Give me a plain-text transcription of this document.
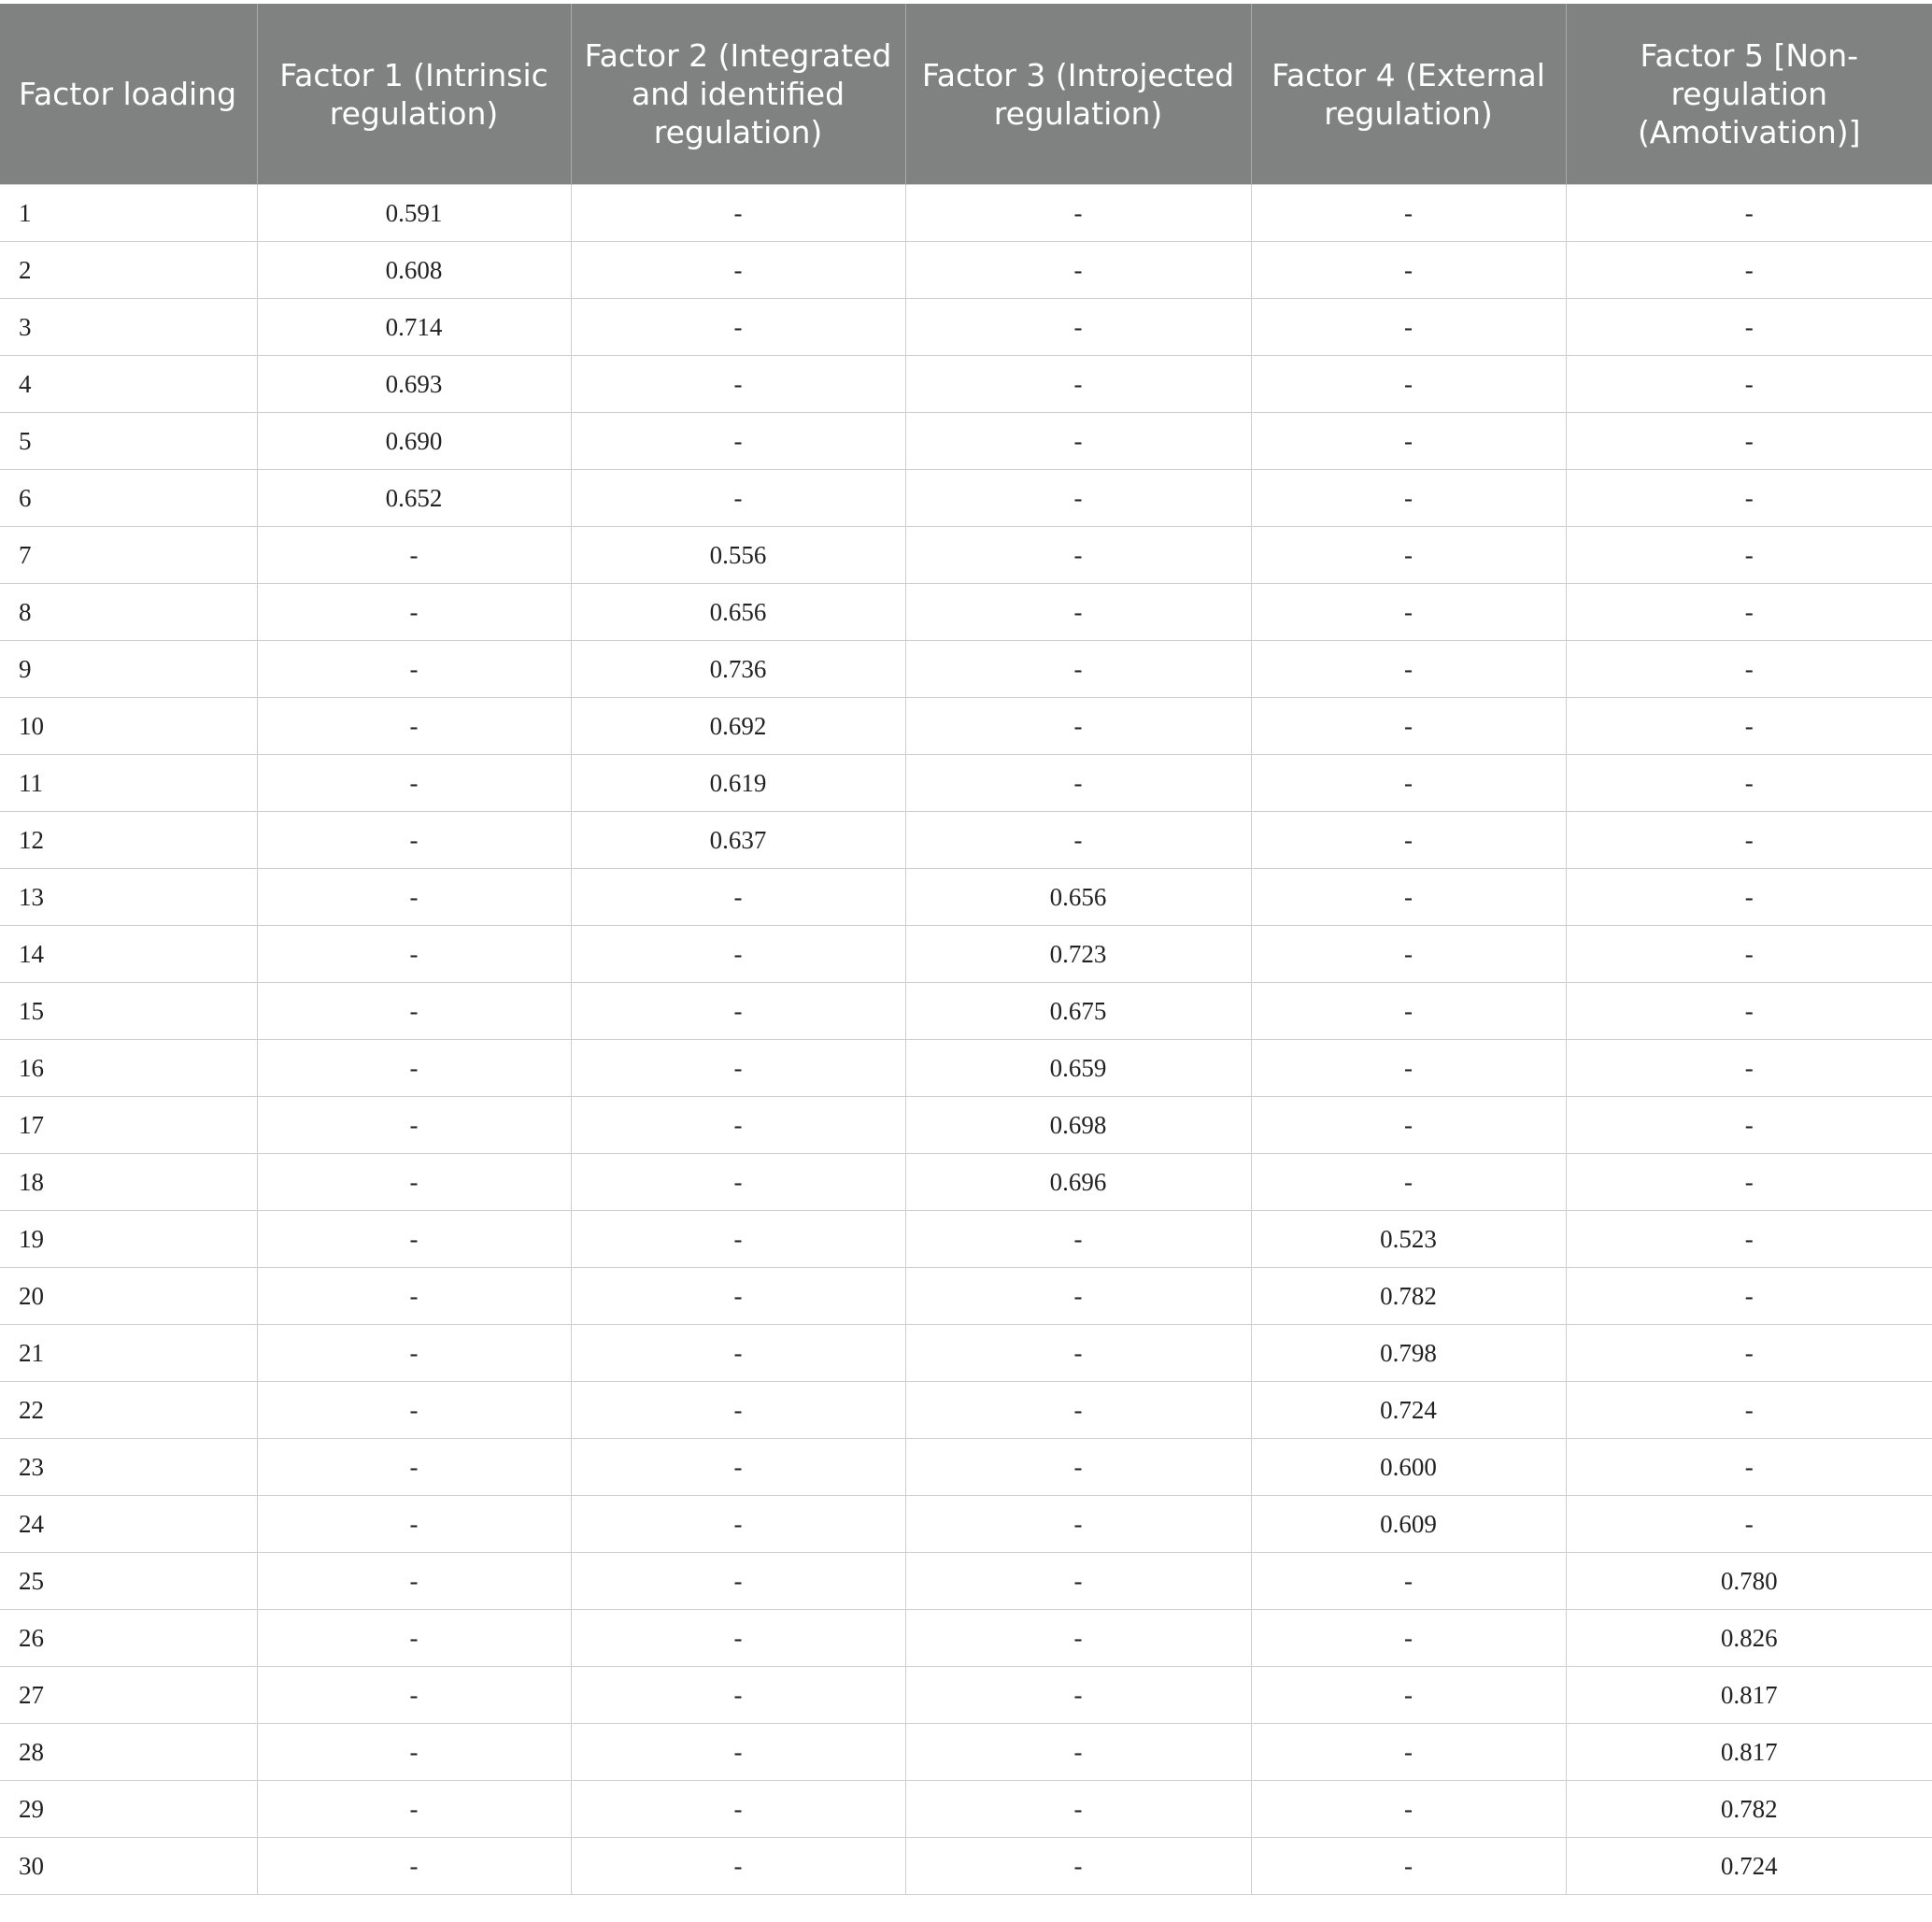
Factor loading	Factor 1 (Intrinsic regulation)	Factor 2 (Integrated and identified regulation)	Factor 3 (Introjected regulation)	Factor 4 (External regulation)	Factor 5 [Non-regulation (Amotivation)]
1	0.591	-	-	-	-
2	0.608	-	-	-	-
3	0.714	-	-	-	-
4	0.693	-	-	-	-
5	0.690	-	-	-	-
6	0.652	-	-	-	-
7	-	0.556	-	-	-
8	-	0.656	-	-	-
9	-	0.736	-	-	-
10	-	0.692	-	-	-
11	-	0.619	-	-	-
12	-	0.637	-	-	-
13	-	-	0.656	-	-
14	-	-	0.723	-	-
15	-	-	0.675	-	-
16	-	-	0.659	-	-
17	-	-	0.698	-	-
18	-	-	0.696	-	-
19	-	-	-	0.523	-
20	-	-	-	0.782	-
21	-	-	-	0.798	-
22	-	-	-	0.724	-
23	-	-	-	0.600	-
24	-	-	-	0.609	-
25	-	-	-	-	0.780
26	-	-	-	-	0.826
27	-	-	-	-	0.817
28	-	-	-	-	0.817
29	-	-	-	-	0.782
30	-	-	-	-	0.724
